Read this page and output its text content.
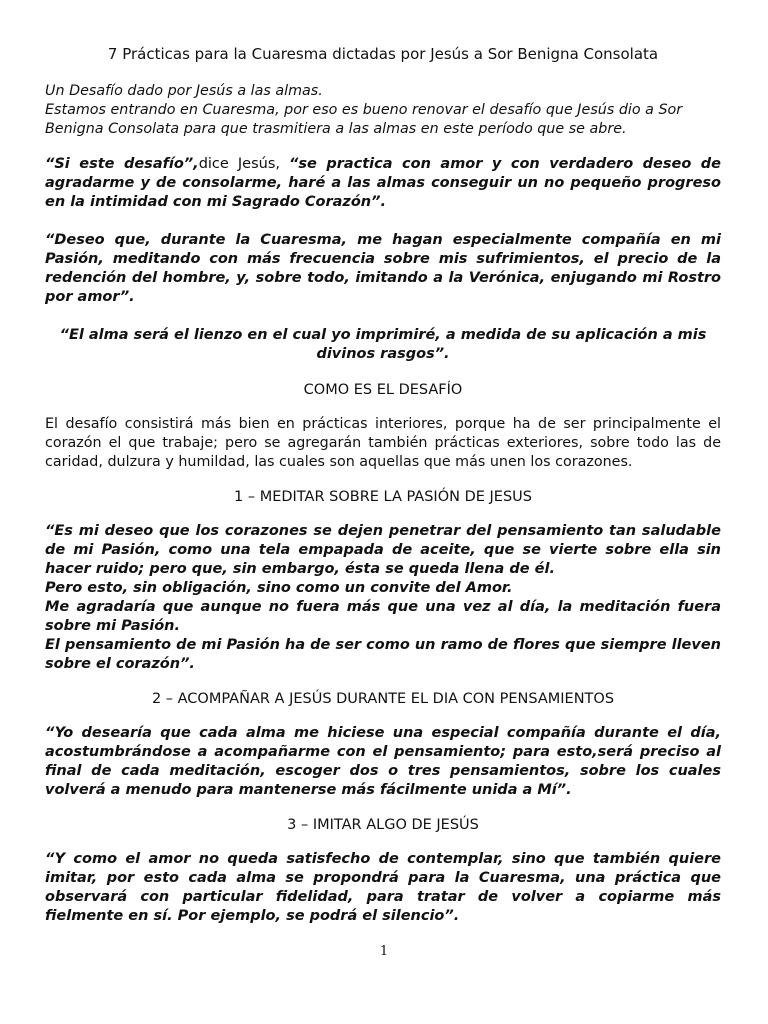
7 Prácticas para la Cuaresma dictadas por Jesús a Sor Benigna Consolata
Un Desafío dado por Jesús a las almas.
Estamos entrando en Cuaresma, por eso es bueno renovar el desafío que Jesús dio a Sor Benigna Consolata para que trasmitiera a las almas en este período que se abre.

“Si este desafío”,dice Jesús, “se practica con amor y con verdadero deseo de agradarme y de consolarme, haré a las almas conseguir un no pequeño progreso en la intimidad con mi Sagrado Corazón”.

“Deseo que, durante la Cuaresma, me hagan especialmente compañía en mi Pasión, meditando con más frecuencia sobre mis sufrimientos, el precio de la redención del hombre, y, sobre todo, imitando a la Verónica, enjugando mi Rostro por amor”.

“El alma será el lienzo en el cual yo imprimiré, a medida de su aplicación a mis divinos rasgos”.

COMO ES EL DESAFÍO

El desafío consistirá más bien en prácticas interiores, porque ha de ser principalmente el corazón el que trabaje; pero se agregarán también prácticas exteriores, sobre todo las de caridad, dulzura y humildad, las cuales son aquellas que más unen los corazones.

1 – MEDITAR SOBRE LA PASIÓN DE JESUS

“Es mi deseo que los corazones se dejen penetrar del pensamiento tan saludable de mi Pasión, como una tela empapada de aceite, que se vierte sobre ella sin hacer ruido; pero que, sin embargo, ésta se queda llena de él.

Pero esto, sin obligación, sino como un convite del Amor.

Me agradaría que aunque no fuera más que una vez al día, la meditación fuera sobre mi Pasión.

El pensamiento de mi Pasión ha de ser como un ramo de flores que siempre lleven sobre el corazón”.

2 – ACOMPAÑAR A JESÚS DURANTE EL DIA CON PENSAMIENTOS

“Yo desearía que cada alma me hiciese una especial compañía durante el día, acostumbrándose a acompañarme con el pensamiento; para esto,será preciso al final de cada meditación, escoger dos o tres pensamientos, sobre los cuales volverá a menudo para mantenerse más fácilmente unida a Mí”.

3 – IMITAR ALGO DE JESÚS

“Y como el amor no queda satisfecho de contemplar, sino que también quiere imitar, por esto cada alma se propondrá para la Cuaresma, una práctica que observará con particular fidelidad, para tratar de volver a copiarme más fielmente en sí. Por ejemplo, se podrá el silencio”.

1
